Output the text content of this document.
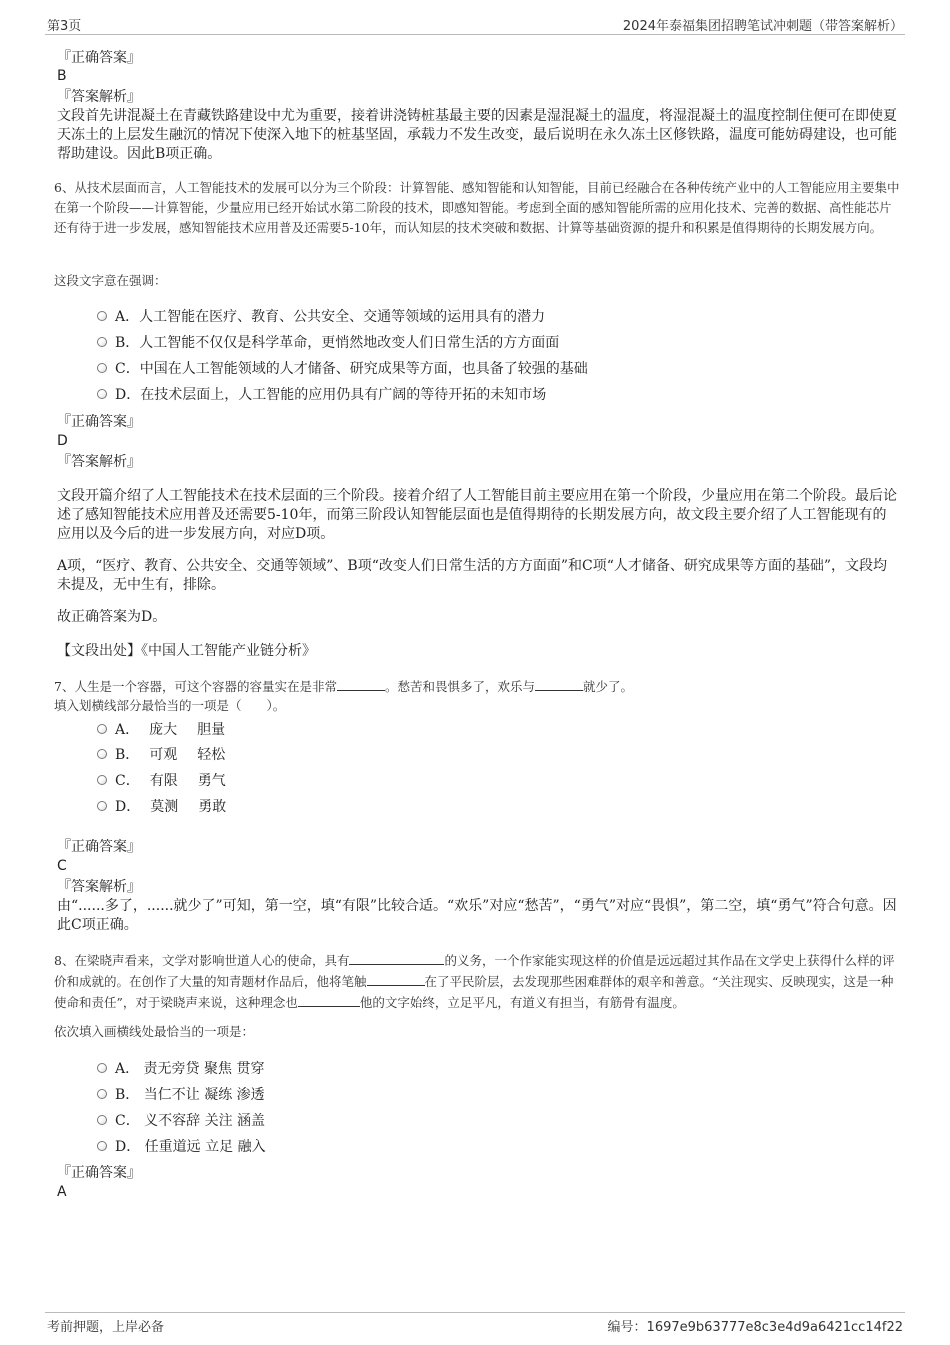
第3页	2024年泰福集团招聘笔试冲刺题（带答案解析）
『正确答案』
B
『答案解析』
文段首先讲混凝土在青藏铁路建设中尤为重要，接着讲浇铸桩基最主要的因素是湿混凝土的温度，将湿混凝土的温度控制住便可在即使夏天冻土的上层发生融沉的情况下使深入地下的桩基坚固，承载力不发生改变，最后说明在永久冻土区修铁路，温度可能妨碍建设，也可能帮助建设。因此B项正确。
6、从技术层面而言，人工智能技术的发展可以分为三个阶段：计算智能、感知智能和认知智能，目前已经融合在各种传统产业中的人工智能应用主要集中在第一个阶段——计算智能，少量应用已经开始试水第二阶段的技术，即感知智能。考虑到全面的感知智能所需的应用化技术、完善的数据、高性能芯片还有待于进一步发展，感知智能技术应用普及还需要5-10年，而认知层的技术突破和数据、计算等基础资源的提升和积累是值得期待的长期发展方向。
这段文字意在强调：
A．人工智能在医疗、教育、公共安全、交通等领域的运用具有的潜力
B．人工智能不仅仅是科学革命，更悄然地改变人们日常生活的方方面面
C．中国在人工智能领域的人才储备、研究成果等方面，也具备了较强的基础
D．在技术层面上，人工智能的应用仍具有广阔的等待开拓的未知市场
『正确答案』
D
『答案解析』
文段开篇介绍了人工智能技术在技术层面的三个阶段。接着介绍了人工智能目前主要应用在第一个阶段，少量应用在第二个阶段。最后论述了感知智能技术应用普及还需要5-10年，而第三阶段认知智能层面也是值得期待的长期发展方向，故文段主要介绍了人工智能现有的应用以及今后的进一步发展方向，对应D项。
A项，“医疗、教育、公共安全、交通等领域”、B项“改变人们日常生活的方方面面”和C项“人才储备、研究成果等方面的基础”，文段均未提及，无中生有，排除。
故正确答案为D。
【文段出处】《中国人工智能产业链分析》
7、人生是一个容器，可这个容器的容量实在是非常	。愁苦和畏惧多了，欢乐与	就少了。
填入划横线部分最恰当的一项是（　　）。
A． 庞大 胆量
B． 可观 轻松
C． 有限 勇气
D． 莫测 勇敢
『正确答案』
C
『答案解析』
由“......多了，......就少了”可知，第一空，填“有限”比较合适。“欢乐”对应“愁苦”，“勇气”对应“畏惧”，第二空，填“勇气”符合句意。因此C项正确。
8、在梁晓声看来，文学对影响世道人心的使命，具有	的义务，一个作家能实现这样的价值是远远超过其作品在文学史上获得什么样的评价和成就的。在创作了大量的知青题材作品后，他将笔触	在了平民阶层，去发现那些困难群体的艰辛和善意。“关注现实、反映现实，这是一种使命和责任”，对于梁晓声来说，这种理念也	他的文字始终，立足平凡，有道义有担当，有筋骨有温度。
依次填入画横线处最恰当的一项是：
A． 责无旁贷 聚焦 贯穿
B． 当仁不让 凝练 渗透
C． 义不容辞 关注 涵盖
D． 任重道远 立足 融入
『正确答案』
A
考前押题，上岸必备	编号：1697e9b63777e8c3e4d9a6421cc14f22
